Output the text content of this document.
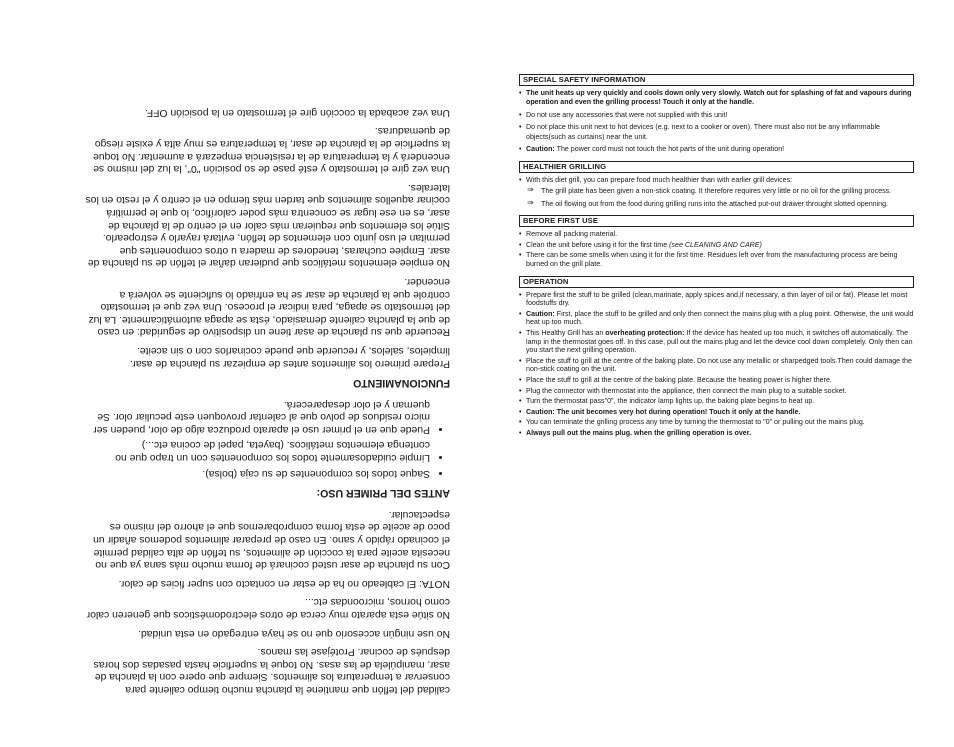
calidad del teflón que mantiene la plancha mucho tiempo caliente para conservar a temperatura los alimentos. Siempre que opere con la plancha de asar, manipúlela de las asas. No toque la superficie hasta pasadas dos horas después de cocinar. Protéjase las manos.

No use ningún accesorio que no se haya entregado en esta unidad.

No sitúe esta aparato muy cerca de otros electrodomésticos que generen calor como hornos, microondas etc...

NOTA: El cableado no ha de estar en contacto con super ficies de calor.

Con su plancha de asar usted cocinará de forma mucho más sana ya que no necesita aceite para la cocción de alimentos, su teflón de alta calidad permite el cocinado rápido y sano. En caso de preparar alimentos podemos añadir un poco de aceite de esta forma comprobaremos que el ahorro del mismo es espectacular.

ANTES DEL PRIMER USO:
• Saque todos los componentes de su caja (bolsa).
• Limpie cuidadosamente todos los componentes con un trapo que no contenga elementos metálicos. (bayeta, papel de cocina etc...)
• Puede que en el primer uso el aparato produzca algo de olor, pueden ser micro residuos de polvo que al calentar provoquen este peculiar olor. Se queman y el olor desaparecerá.
FUNCIONAMIENTO

Prepare primero los alimentos antes de empiezar su plancha de asar. limpielos, salelos, y recuerde que puede cocinarlos con o sin aceite.

Recuerde que su plancha de asar tiene un dispositivo de seguridad: en caso de que la plancha caliente demasiado, ésta se apaga automáticamente. La luz del termostato se apaga, para indicar el proceso. Una vez que el termostato controle que la plancha de asar se ha enfriado lo suficiente se volverá a encender.

No empiee elementos metálicos que pudieran dañar el teflón de su plancha de asar. Empiee cucharas, tenedores de madera u otros componentes que permitan el uso junto con elementos de teflón, evitará rayarlo y estropearlo. Sitúe los elementos que requieran más calor en el centro de la plancha de asar, es en ese lugar se concentra más poder calorífico, lo que le permitirá cocinar aquellos alimentos que tarden más tiempo en el centro y el resto en los laterales.

Una vez gire el termostato y esté pase de so posición "0", la luz del mismo se encenderá y la temperatura de la resistencia empezará a aumentar. No toque la superficie de la plancha de asar, la temperatura es muy alta y existe riesgo de quemaduras.

Una vez acabada la cocción gire el termostato en la posición OFF.

SPECIAL SAFETY INFORMATION
• The unit heats up very quickly and cools down only very slowly. Watch out for splashing of fat and vapours during operation and even the grilling process! Touch it only at the handle.
• Do not use any accessories that were not supplied with this unit!
• Do not place this unit next to hot devices (e.g. next to a cooker or oven). There must also not be any inflammable objects(such as curtains) near the unit.
• Caution: The power cord must not touch the hot parts of the unit during operation!
HEALTHIER GRILLING
• With this diet grill, you can prepare food much healthier than with earlier grill devices:
⇒ The grill plate has been given a non-stick coating. It therefore requires very little or no oil for the grilling process.
⇒ The oil flowing out from the food during grilling runs into the attached put-out drawer throught slotted openning.
BEFORE FIRST USE
• Remove all packing material.
• Clean the unit before using it for the first time (see CLEANING AND CARE)
• There can be some smells when using it for the first time. Residues left over from the manufacturing process are being burned on the grill plate.
OPERATION
• Prepare first the stuff to be grilled (clean,marinate, apply spices and,if necessary, a thin layer of oil or fat). Please let moist foodstuffs dry.
• Caution: First, place the stuff to be grilled and only then connect the mains plug with a plug point. Otherwise, the unit would heat up too much.
• This Healthy Grill has an overheating protection: If the device has heated up too much, it switches off automatically. The lamp in the thermostat goes off. In this case, pull out the mains plug and let the device cool down completely. Only then can you start the next grilling operation.
• Place the stuff to grill at the centre of the baking plate. Do not use any metallic or sharpedged tools.Then could damage the non-stick coating on the unit.
• Place the stuff to grill at the centre of the baking plate. Because the heating power is higher there.
• Plug the connector with thermostat into the appliance, then connect the main plug to a suitable socket.
• Turn the thermostat pass"0", the indicator lamp lights up, the baking plate begins to heat up.
• Caution: The unit becomes very hot during operation! Touch it only at the handle.
• You can terminate the grilling process any time by turning the thermostat to "0" or pulling out the mains plug.
• Always pull out the mains plug. when the grilling operation is over.
